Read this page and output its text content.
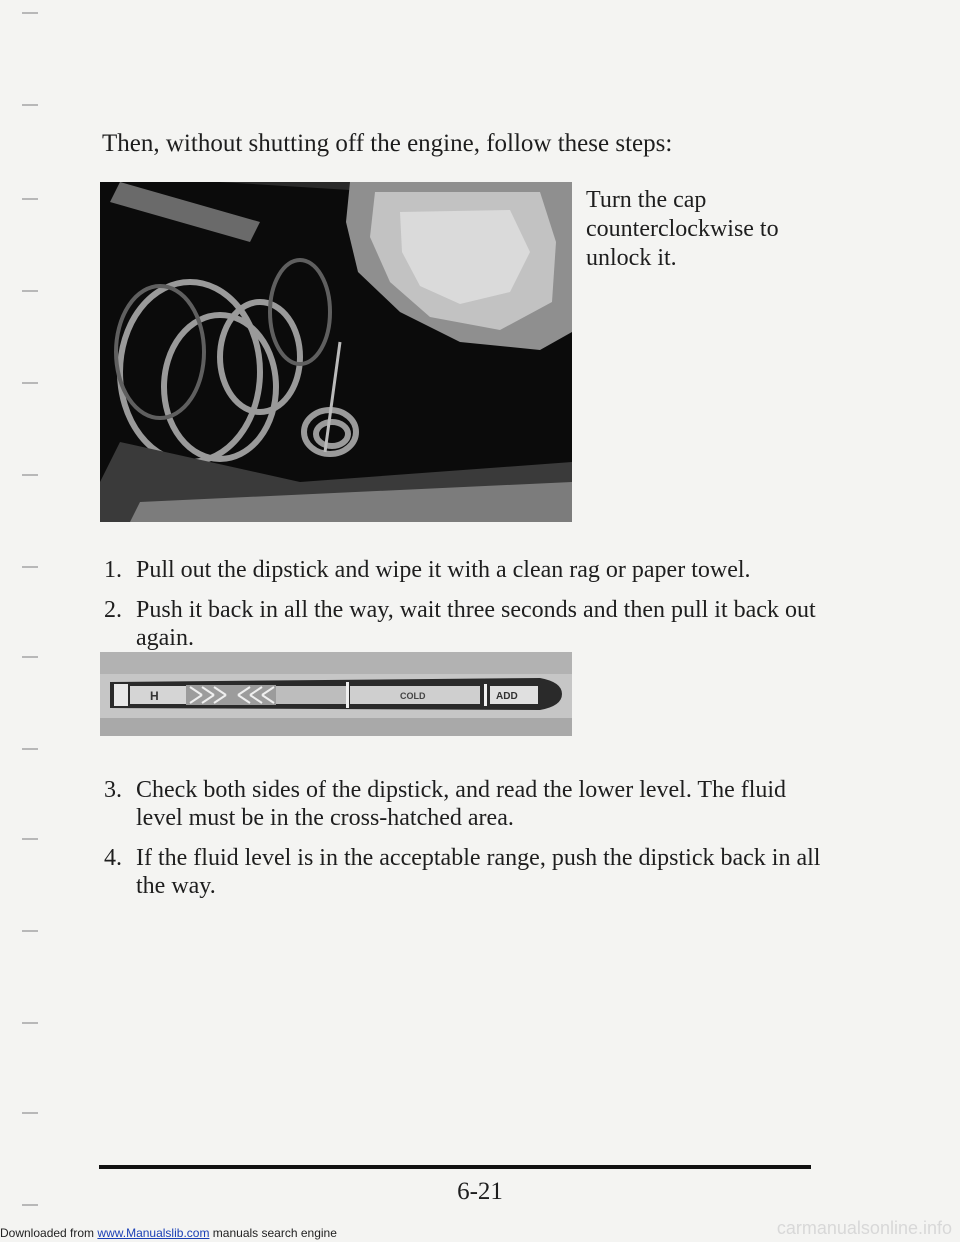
Then, without shutting off the engine, follow these steps:

Turn the cap counterclockwise to unlock it.

1. Pull out the dipstick and wipe it with a clean rag or paper towel.
2. Push it back in all the way, wait three seconds and then pull it back out again.
H	COLD	ADD
3. Check both sides of the dipstick, and read the lower level. The fluid level must be in the cross-hatched area.
4. If the fluid level is in the acceptable range, push the dipstick back in all the way.
6-21
Downloaded from www.Manualslib.com manuals search engine	carmanualsonline.info
